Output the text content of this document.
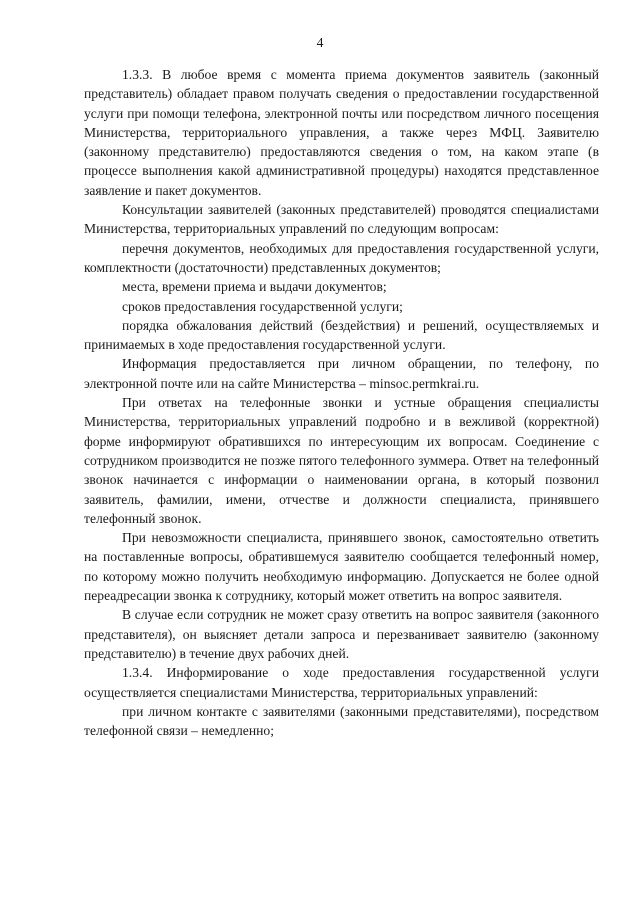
4

1.3.3. В любое время с момента приема документов заявитель (законный представитель) обладает правом получать сведения о предоставлении государственной услуги при помощи телефона, электронной почты или посредством личного посещения Министерства, территориального управления, а также через МФЦ. Заявителю (законному представителю) предоставляются сведения о том, на каком этапе (в процессе выполнения какой административной процедуры) находятся представленное заявление и пакет документов.

Консультации заявителей (законных представителей) проводятся специалистами Министерства, территориальных управлений по следующим вопросам:

перечня документов, необходимых для предоставления государственной услуги, комплектности (достаточности) представленных документов;

места, времени приема и выдачи документов;

сроков предоставления государственной услуги;

порядка обжалования действий (бездействия) и решений, осуществляемых и принимаемых в ходе предоставления государственной услуги.

Информация предоставляется при личном обращении, по телефону, по электронной почте или на сайте Министерства – minsoc.permkrai.ru.

При ответах на телефонные звонки и устные обращения специалисты Министерства, территориальных управлений подробно и в вежливой (корректной) форме информируют обратившихся по интересующим их вопросам. Соединение с сотрудником производится не позже пятого телефонного зуммера. Ответ на телефонный звонок начинается с информации о наименовании органа, в который позвонил заявитель, фамилии, имени, отчестве и должности специалиста, принявшего телефонный звонок.

При невозможности специалиста, принявшего звонок, самостоятельно ответить на поставленные вопросы, обратившемуся заявителю сообщается телефонный номер, по которому можно получить необходимую информацию. Допускается не более одной переадресации звонка к сотруднику, который может ответить на вопрос заявителя.

В случае если сотрудник не может сразу ответить на вопрос заявителя (законного представителя), он выясняет детали запроса и перезванивает заявителю (законному представителю) в течение двух рабочих дней.

1.3.4. Информирование о ходе предоставления государственной услуги осуществляется специалистами Министерства, территориальных управлений:

при личном контакте с заявителями (законными представителями), посредством телефонной связи – немедленно;
